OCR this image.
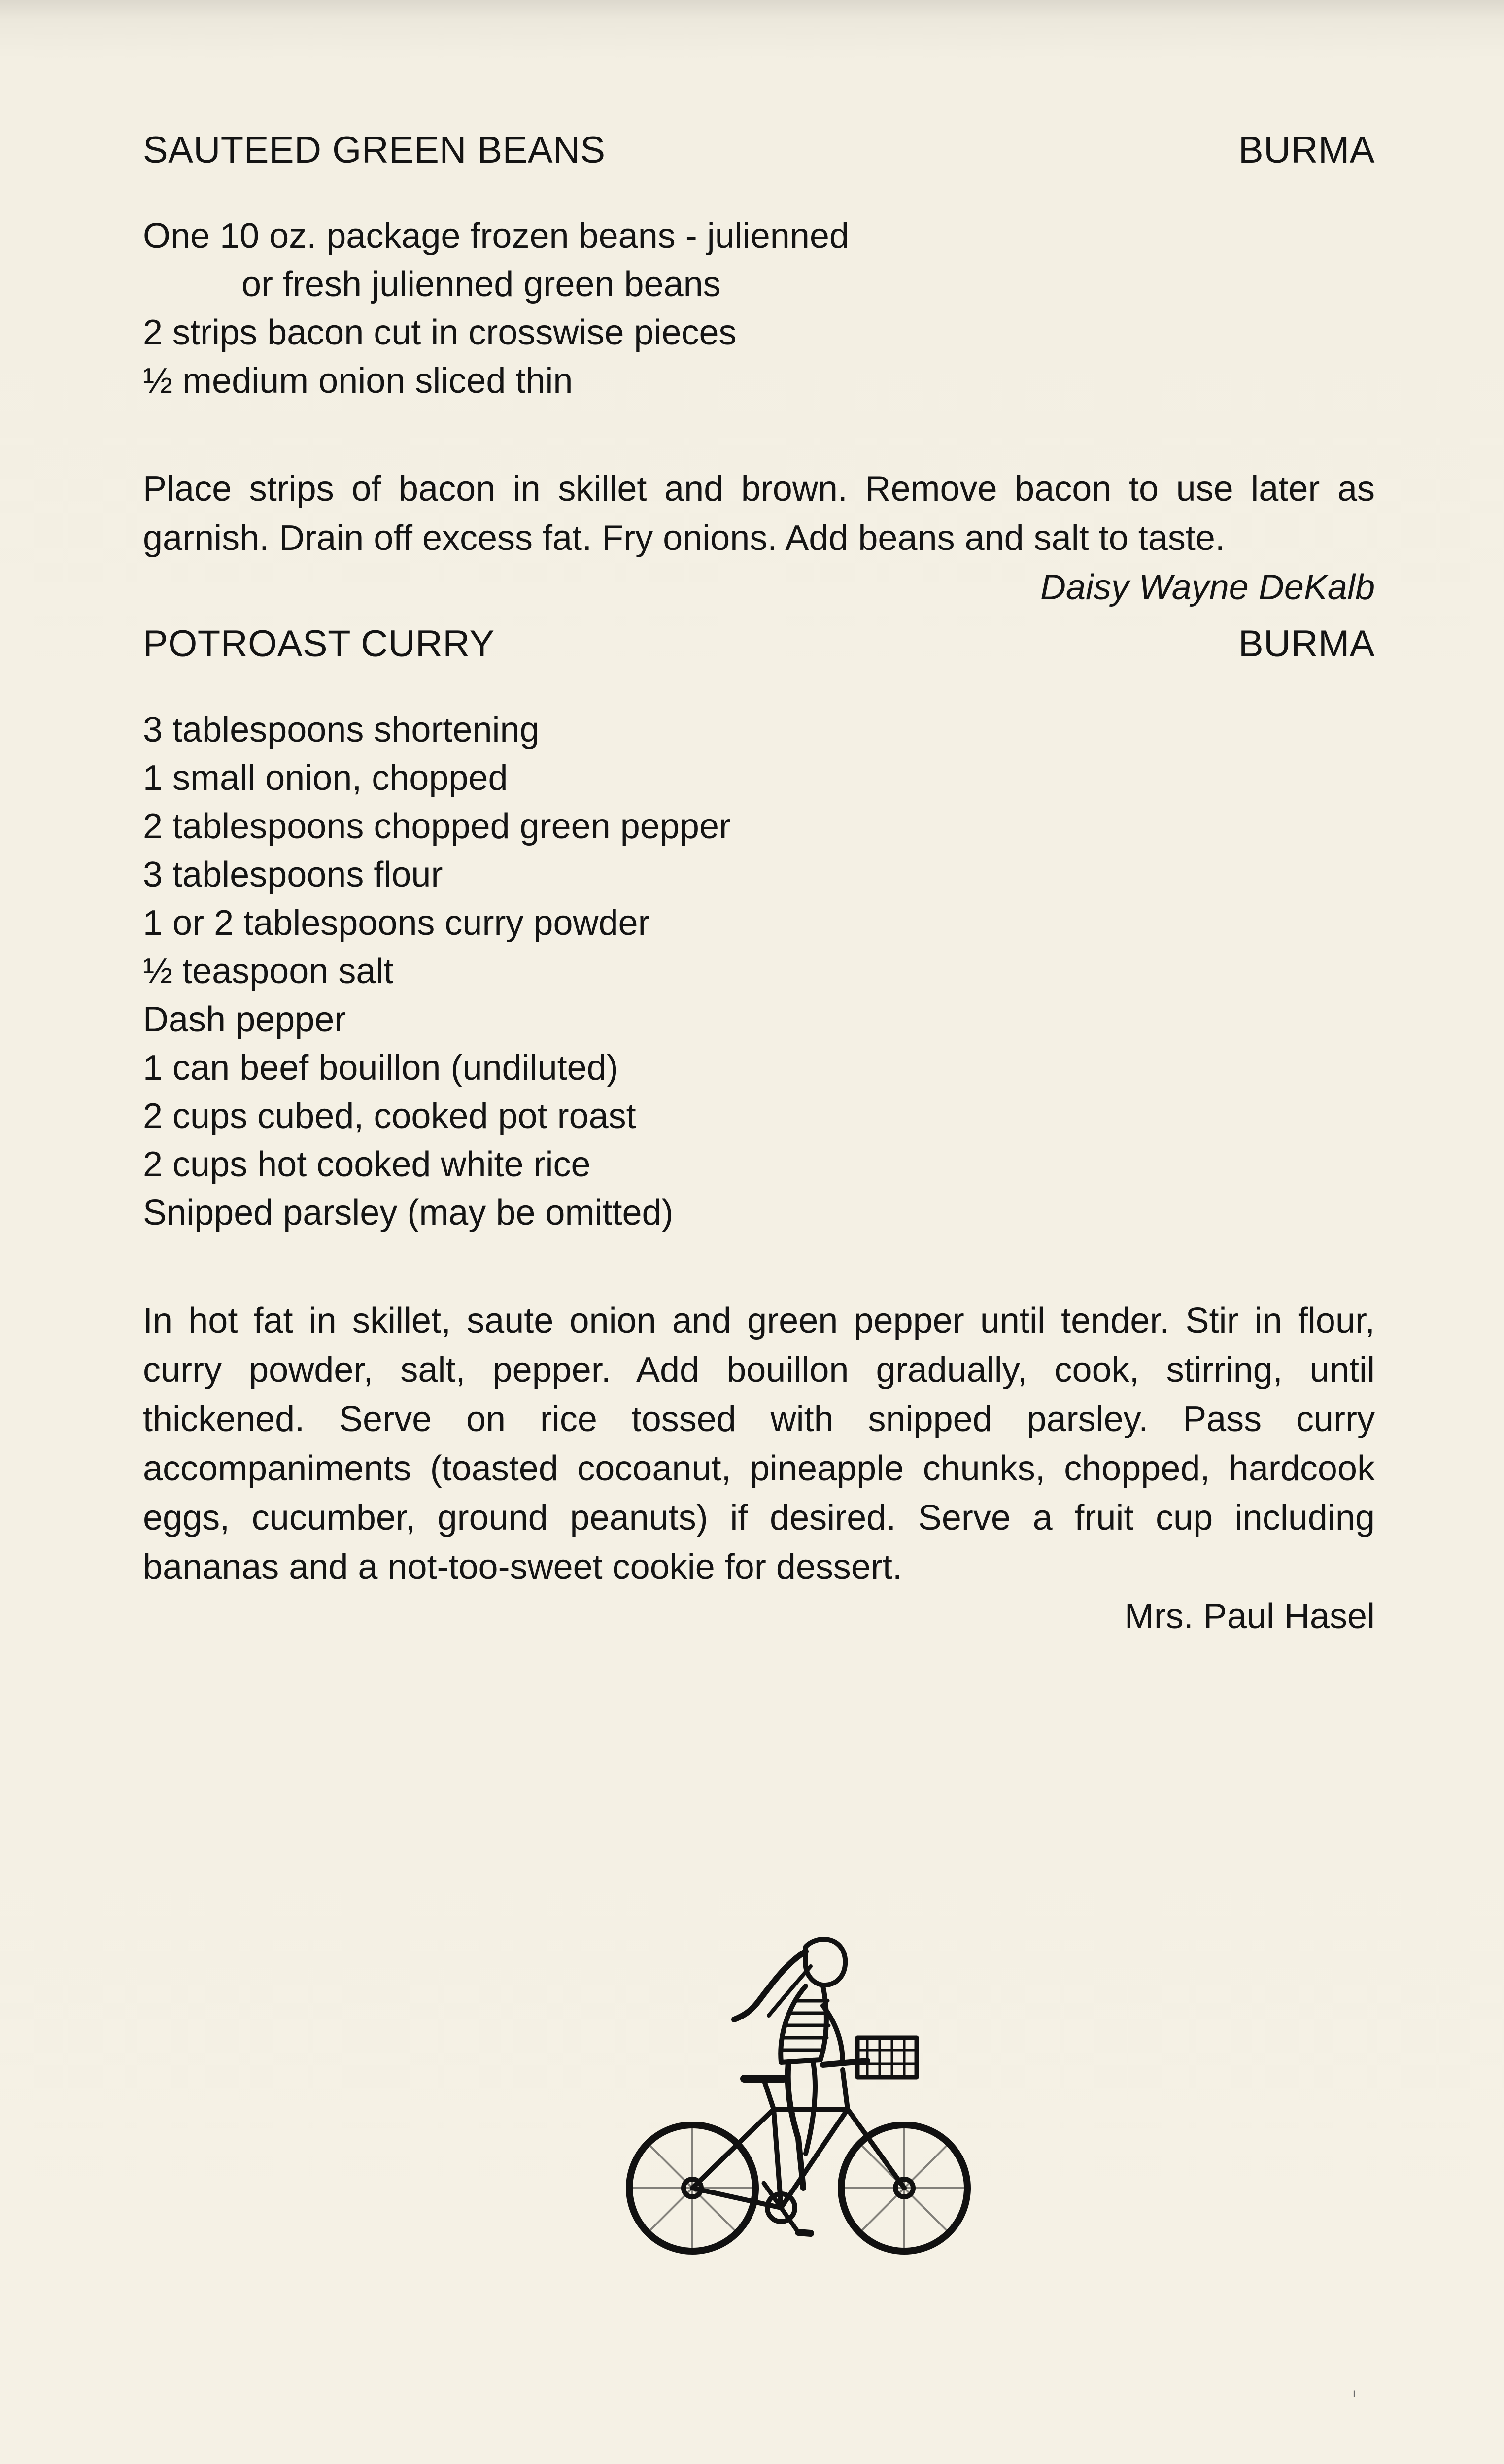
SAUTEED GREEN BEANS	BURMA
One 10 oz. package frozen beans - julienned
or fresh julienned green beans
2 strips bacon cut in crosswise pieces
½ medium onion sliced thin

Place strips of bacon in skillet and brown. Remove bacon to use later as garnish. Drain off excess fat. Fry onions. Add beans and salt to taste.

Daisy Wayne DeKalb

POTROAST CURRY	BURMA
3 tablespoons shortening
1 small onion, chopped
2 tablespoons chopped green pepper
3 tablespoons flour
1 or 2 tablespoons curry powder
½ teaspoon salt
Dash pepper
1 can beef bouillon (undiluted)
2 cups cubed, cooked pot roast
2 cups hot cooked white rice
Snipped parsley (may be omitted)

In hot fat in skillet, saute onion and green pepper until tender. Stir in flour, curry powder, salt, pepper. Add bouillon gradually, cook, stirring, until thickened. Serve on rice tossed with snipped parsley. Pass curry accompaniments (toasted cocoanut, pineapple chunks, chopped, hardcook eggs, cucumber, ground peanuts) if desired. Serve a fruit cup including bananas and a not-too-sweet cookie for dessert.

Mrs. Paul Hasel

ı
